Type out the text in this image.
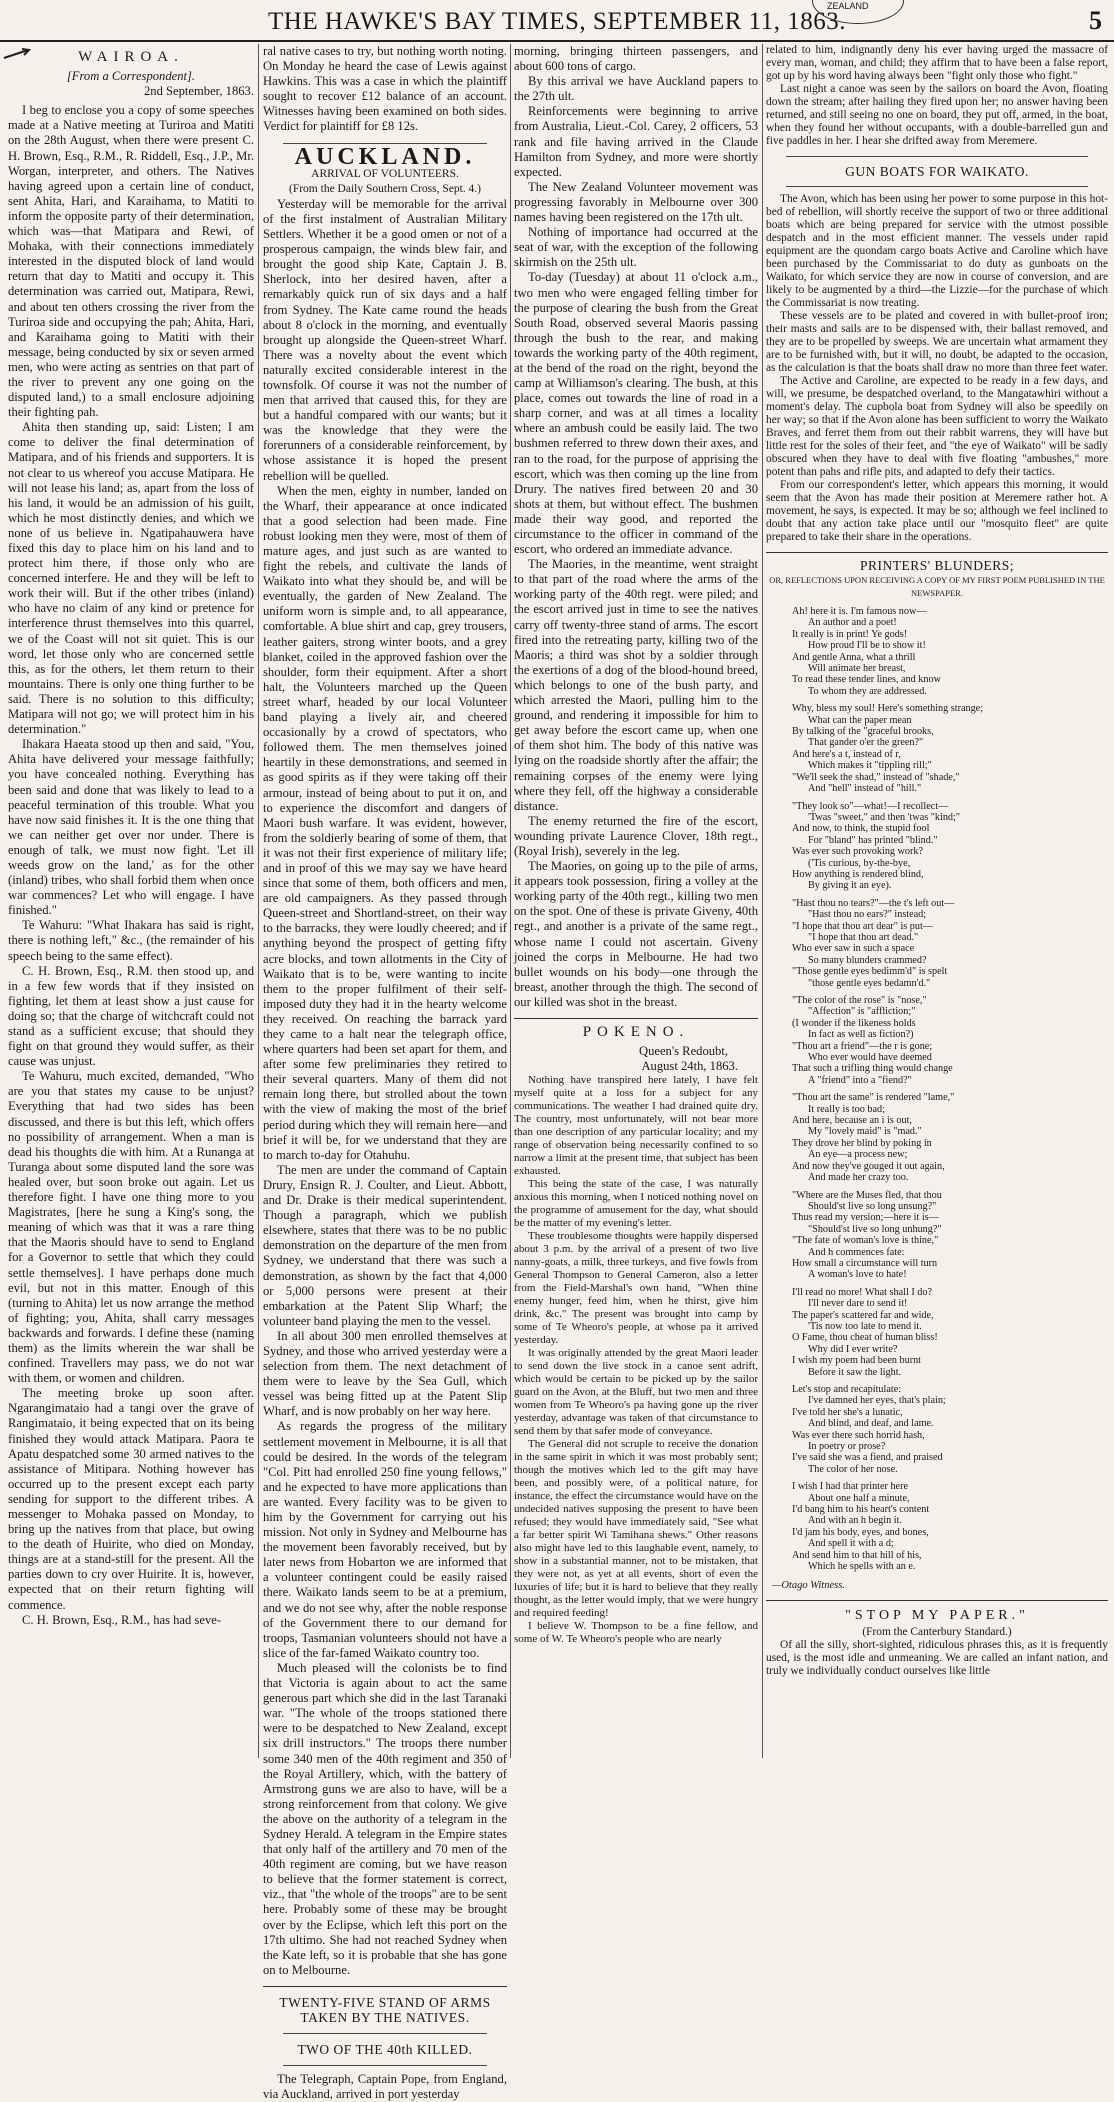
ZEALAND
THE HAWKE'S BAY TIMES, SEPTEMBER 11, 1863.	5
WAIROA.

[From a Correspondent].

2nd September, 1863.

I beg to enclose you a copy of some speeches made at a Native meeting at Turiroa and Matiti on the 28th August, when there were present C. H. Brown, Esq., R.M., R. Riddell, Esq., J.P., Mr. Worgan, interpreter, and others. The Natives having agreed upon a certain line of conduct, sent Ahita, Hari, and Karaihama, to Matiti to inform the opposite party of their determination, which was—that Matipara and Rewi, of Mohaka, with their connections immediately interested in the disputed block of land would return that day to Matiti and occupy it. This determination was carried out, Matipara, Rewi, and about ten others crossing the river from the Turiroa side and occupying the pah; Ahita, Hari, and Karaihama going to Matiti with their message, being conducted by six or seven armed men, who were acting as sentries on that part of the river to prevent any one going on the disputed land,) to a small enclosure adjoining their fighting pah.

Ahita then standing up, said: Listen; I am come to deliver the final determination of Matipara, and of his friends and supporters. It is not clear to us whereof you accuse Matipara. He will not lease his land; as, apart from the loss of his land, it would be an admission of his guilt, which he most distinctly denies, and which we none of us believe in. Ngatipahauwera have fixed this day to place him on his land and to protect him there, if those only who are concerned interfere. He and they will be left to work their will. But if the other tribes (inland) who have no claim of any kind or pretence for interference thrust themselves into this quarrel, we of the Coast will not sit quiet. This is our word, let those only who are concerned settle this, as for the others, let them return to their mountains. There is only one thing further to be said. There is no solution to this difficulty; Matipara will not go; we will protect him in his determination."

Ihakara Haeata stood up then and said, "You, Ahita have delivered your message faithfully; you have concealed nothing. Everything has been said and done that was likely to lead to a peaceful termination of this trouble. What you have now said finishes it. It is the one thing that we can neither get over nor under. There is enough of talk, we must now fight. 'Let ill weeds grow on the land,' as for the other (inland) tribes, who shall forbid them when once war commences? Let who will engage. I have finished."

Te Wahuru: "What Ihakara has said is right, there is nothing left," &c., (the remainder of his speech being to the same effect).

C. H. Brown, Esq., R.M. then stood up, and in a few few words that if they insisted on fighting, let them at least show a just cause for doing so; that the charge of witchcraft could not stand as a sufficient excuse; that should they fight on that ground they would suffer, as their cause was unjust.

Te Wahuru, much excited, demanded, "Who are you that states my cause to be unjust? Everything that had two sides has been discussed, and there is but this left, which offers no possibility of arrangement. When a man is dead his thoughts die with him. At a Runanga at Turanga about some disputed land the sore was healed over, but soon broke out again. Let us therefore fight. I have one thing more to you Magistrates, [here he sung a King's song, the meaning of which was that it was a rare thing that the Maoris should have to send to England for a Governor to settle that which they could settle themselves]. I have perhaps done much evil, but not in this matter. Enough of this (turning to Ahita) let us now arrange the method of fighting; you, Ahita, shall carry messages backwards and forwards. I define these (naming them) as the limits wherein the war shall be confined. Travellers may pass, we do not war with them, or women and children.

The meeting broke up soon after. Ngarangimataio had a tangi over the grave of Rangimataio, it being expected that on its being finished they would attack Matipara. Paora te Apatu despatched some 30 armed natives to the assistance of Mitipara. Nothing however has occurred up to the present except each party sending for support to the different tribes. A messenger to Mohaka passed on Monday, to bring up the natives from that place, but owing to the death of Huirite, who died on Monday, things are at a stand-still for the present. All the parties down to cry over Huirite. It is, however, expected that on their return fighting will commence.

C. H. Brown, Esq., R.M., has had seve-

ral native cases to try, but nothing worth noting. On Monday he heard the case of Lewis against Hawkins. This was a case in which the plaintiff sought to recover £12 balance of an account. Witnesses having been examined on both sides. Verdict for plaintiff for £8 12s.

AUCKLAND.

ARRIVAL OF VOLUNTEERS.

(From the Daily Southern Cross, Sept. 4.)

Yesterday will be memorable for the arrival of the first instalment of Australian Military Settlers. Whether it be a good omen or not of a prosperous campaign, the winds blew fair, and brought the good ship Kate, Captain J. B. Sherlock, into her desired haven, after a remarkably quick run of six days and a half from Sydney. The Kate came round the heads about 8 o'clock in the morning, and eventually brought up alongside the Queen-street Wharf. There was a novelty about the event which naturally excited considerable interest in the townsfolk. Of course it was not the number of men that arrived that caused this, for they are but a handful compared with our wants; but it was the knowledge that they were the forerunners of a considerable reinforcement, by whose assistance it is hoped the present rebellion will be quelled.

When the men, eighty in number, landed on the Wharf, their appearance at once indicated that a good selection had been made. Fine robust looking men they were, most of them of mature ages, and just such as are wanted to fight the rebels, and cultivate the lands of Waikato into what they should be, and will be eventually, the garden of New Zealand. The uniform worn is simple and, to all appearance, comfortable. A blue shirt and cap, grey trousers, leather gaiters, strong winter boots, and a grey blanket, coiled in the approved fashion over the shoulder, form their equipment. After a short halt, the Volunteers marched up the Queen street wharf, headed by our local Volunteer band playing a lively air, and cheered occasionally by a crowd of spectators, who followed them. The men themselves joined heartily in these demonstrations, and seemed in as good spirits as if they were taking off their armour, instead of being about to put it on, and to experience the discomfort and dangers of Maori bush warfare. It was evident, however, from the soldierly bearing of some of them, that it was not their first experience of military life; and in proof of this we may say we have heard since that some of them, both officers and men, are old campaigners. As they passed through Queen-street and Shortland-street, on their way to the barracks, they were loudly cheered; and if anything beyond the prospect of getting fifty acre blocks, and town allotments in the City of Waikato that is to be, were wanting to incite them to the proper fulfilment of their self-imposed duty they had it in the hearty welcome they received. On reaching the barrack yard they came to a halt near the telegraph office, where quarters had been set apart for them, and after some few preliminaries they retired to their several quarters. Many of them did not remain long there, but strolled about the town with the view of making the most of the brief period during which they will remain here—and brief it will be, for we understand that they are to march to-day for Otahuhu.

The men are under the command of Captain Drury, Ensign R. J. Coulter, and Lieut. Abbott, and Dr. Drake is their medical superintendent. Though a paragraph, which we publish elsewhere, states that there was to be no public demonstration on the departure of the men from Sydney, we understand that there was such a demonstration, as shown by the fact that 4,000 or 5,000 persons were present at their embarkation at the Patent Slip Wharf; the volunteer band playing the men to the vessel.

In all about 300 men enrolled themselves at Sydney, and those who arrived yesterday were a selection from them. The next detachment of them were to leave by the Sea Gull, which vessel was being fitted up at the Patent Slip Wharf, and is now probably on her way here.

As regards the progress of the military settlement movement in Melbourne, it is all that could be desired. In the words of the telegram "Col. Pitt had enrolled 250 fine young fellows," and he expected to have more applications than are wanted. Every facility was to be given to him by the Government for carrying out his mission. Not only in Sydney and Melbourne has the movement been favorably received, but by later news from Hobarton we are informed that a volunteer contingent could be easily raised there. Waikato lands seem to be at a premium, and we do not see why, after the noble response of the Government there to our demand for troops, Tasmanian volunteers should not have a slice of the far-famed Waikato country too.

Much pleased will the colonists be to find that Victoria is again about to act the same generous part which she did in the last Taranaki war. "The whole of the troops stationed there were to be despatched to New Zealand, except six drill instructors." The troops there number some 340 men of the 40th regiment and 350 of the Royal Artillery, which, with the battery of Armstrong guns we are also to have, will be a strong reinforcement from that colony. We give the above on the authority of a telegram in the Sydney Herald. A telegram in the Empire states that only half of the artillery and 70 men of the 40th regiment are coming, but we have reason to believe that the former statement is correct, viz., that "the whole of the troops" are to be sent here. Probably some of these may be brought over by the Eclipse, which left this port on the 17th ultimo. She had not reached Sydney when the Kate left, so it is probable that she has gone on to Melbourne.

TWENTY-FIVE STAND OF ARMS
TAKEN BY THE NATIVES.
TWO OF THE 40th KILLED.

The Telegraph, Captain Pope, from England, via Auckland, arrived in port yesterday

morning, bringing thirteen passengers, and about 600 tons of cargo.

By this arrival we have Auckland papers to the 27th ult.

Reinforcements were beginning to arrive from Australia, Lieut.-Col. Carey, 2 officers, 53 rank and file having arrived in the Claude Hamilton from Sydney, and more were shortly expected.

The New Zealand Volunteer movement was progressing favorably in Melbourne over 300 names having been registered on the 17th ult.

Nothing of importance had occurred at the seat of war, with the exception of the following skirmish on the 25th ult.

To-day (Tuesday) at about 11 o'clock a.m., two men who were engaged felling timber for the purpose of clearing the bush from the Great South Road, observed several Maoris passing through the bush to the rear, and making towards the working party of the 40th regiment, at the bend of the road on the right, beyond the camp at Williamson's clearing. The bush, at this place, comes out towards the line of road in a sharp corner, and was at all times a locality where an ambush could be easily laid. The two bushmen referred to threw down their axes, and ran to the road, for the purpose of apprising the escort, which was then coming up the line from Drury. The natives fired between 20 and 30 shots at them, but without effect. The bushmen made their way good, and reported the circumstance to the officer in command of the escort, who ordered an immediate advance.

The Maories, in the meantime, went straight to that part of the road where the arms of the working party of the 40th regt. were piled; and the escort arrived just in time to see the natives carry off twenty-three stand of arms. The escort fired into the retreating party, killing two of the Maoris; a third was shot by a soldier through the exertions of a dog of the blood-hound breed, which belongs to one of the bush party, and which arrested the Maori, pulling him to the ground, and rendering it impossible for him to get away before the escort came up, when one of them shot him. The body of this native was lying on the roadside shortly after the affair; the remaining corpses of the enemy were lying where they fell, off the highway a considerable distance.

The enemy returned the fire of the escort, wounding private Laurence Clover, 18th regt., (Royal Irish), severely in the leg.

The Maories, on going up to the pile of arms, it appears took possession, firing a volley at the working party of the 40th regt., killing two men on the spot. One of these is private Giveny, 40th regt., and another is a private of the same regt., whose name I could not ascertain. Giveny joined the corps in Melbourne. He had two bullet wounds on his body—one through the breast, another through the thigh. The second of our killed was shot in the breast.

POKENO.

Queen's Redoubt,

August 24th, 1863.

Nothing have transpired here lately, I have felt myself quite at a loss for a subject for any communications. The weather I had drained quite dry. The country, most unfortunately, will not bear more than one description of any particular locality; and my range of observation being necessarily confined to so narrow a limit at the present time, that subject has been exhausted.

This being the state of the case, I was naturally anxious this morning, when I noticed nothing novel on the programme of amusement for the day, what should be the matter of my evening's letter.

These troublesome thoughts were happily dispersed about 3 p.m. by the arrival of a present of two live nanny-goats, a milk, three turkeys, and five fowls from General Thompson to General Cameron, also a letter from the Field-Marshal's own hand, "When thine enemy hunger, feed him, when he thirst, give him drink, &c." The present was brought into camp by some of Te Wheoro's people, at whose pa it arrived yesterday.

It was originally attended by the great Maori leader to send down the live stock in a canoe sent adrift, which would be certain to be picked up by the sailor guard on the Avon, at the Bluff, but two men and three women from Te Wheoro's pa having gone up the river yesterday, advantage was taken of that circumstance to send them by that safer mode of conveyance.

The General did not scruple to receive the donation in the same spirit in which it was most probably sent; though the motives which led to the gift may have been, and possibly were, of a political nature, for instance, the effect the circumstance would have on the undecided natives supposing the present to have been refused; they would have immediately said, "See what a far better spirit Wi Tamihana shews." Other reasons also might have led to this laughable event, namely, to show in a substantial manner, not to be mistaken, that they were not, as yet at all events, short of even the luxuries of life; but it is hard to believe that they really thought, as the letter would imply, that we were hungry and required feeding!

I believe W. Thompson to be a fine fellow, and some of W. Te Wheoro's people who are nearly

related to him, indignantly deny his ever having urged the massacre of every man, woman, and child; they affirm that to have been a false report, got up by his word having always been "fight only those who fight."

Last night a canoe was seen by the sailors on board the Avon, floating down the stream; after hailing they fired upon her; no answer having been returned, and still seeing no one on board, they put off, armed, in the boat, when they found her without occupants, with a double-barrelled gun and five paddles in her. I hear she drifted away from Meremere.

GUN BOATS FOR WAIKATO.

The Avon, which has been using her power to some purpose in this hot-bed of rebellion, will shortly receive the support of two or three additional boats which are being prepared for service with the utmost possible despatch and in the most efficient manner. The vessels under rapid equipment are the quondam cargo boats Active and Caroline which have been purchased by the Commissariat to do duty as gunboats on the Waikato, for which service they are now in course of conversion, and are likely to be augmented by a third—the Lizzie—for the purchase of which the Commissariat is now treating.

These vessels are to be plated and covered in with bullet-proof iron; their masts and sails are to be dispensed with, their ballast removed, and they are to be propelled by sweeps. We are uncertain what armament they are to be furnished with, but it will, no doubt, be adapted to the occasion, as the calculation is that the boats shall draw no more than three feet water.

The Active and Caroline, are expected to be ready in a few days, and will, we presume, be despatched overland, to the Mangatawhiri without a moment's delay. The cupbola boat from Sydney will also be speedily on her way; so that if the Avon alone has been sufficient to worry the Waikato Braves, and ferret them from out their rabbit warrens, they will have but little rest for the soles of their feet, and "the eye of Waikato" will be sadly obscured when they have to deal with five floating "ambushes," more potent than pahs and rifle pits, and adapted to defy their tactics.

From our correspondent's letter, which appears this morning, it would seem that the Avon has made their position at Meremere rather hot. A movement, he says, is expected. It may be so; although we feel inclined to doubt that any action take place until our "mosquito fleet" are quite prepared to take their share in the operations.

PRINTERS' BLUNDERS;
OR, REFLECTIONS UPON RECEIVING A COPY OF MY FIRST POEM PUBLISHED IN THE NEWSPAPER.
Ah! here it is. I'm famous now—
An author and a poet!
It really is in print! Ye gods!
How proud I'll be to show it!
And gentle Anna, what a thrill
Will animate her breast,
To read these tender lines, and know
To whom they are addressed.
Why, bless my soul! Here's something strange;
What can the paper mean
By talking of the "graceful brooks,
That gander o'er the green?"
And here's a t, instead of r,
Which makes it "tippling rill;"
"We'll seek the shad," instead of "shade,"
And "hell" instead of "hill."
"They look so"—what!—I recollect—
'Twas "sweet," and then 'twas "kind;"
And now, to think, the stupid fool
For "bland" has printed "blind."
Was ever such provoking work?
('Tis curious, by-the-bye,
How anything is rendered blind,
By giving it an eye).
"Hast thou no tears?"—the t's left out—
"Hast thou no ears?" instead;
"I hope that thou art dear" is put—
"I hope that thou art dead."
Who ever saw in such a space
So many blunders crammed?
"Those gentle eyes bedimm'd" is spelt
"those gentle eyes bedamn'd."
"The color of the rose" is "nose,"
"Affection" is "affliction;"
(I wonder if the likeness holds
In fact as well as fiction?)
"Thou art a friend"—the r is gone;
Who ever would have deemed
That such a trifling thing would change
A "friend" into a "fiend?"
"Thou art the same" is rendered "lame,"
It really is too bad;
And here, because an i is out,
My "lovely maid" is "mad."
They drove her blind by poking in
An eye—a process new;
And now they've gouged it out again,
And made her crazy too.
"Where are the Muses fled, that thou
Should'st live so long unsung?"
Thus read my version;—here it is—
"Should'st live so long unhung?"
"The fate of woman's love is thine,"
And h commences fate:
How small a circumstance will turn
A woman's love to hate!
I'll read no more! What shall I do?
I'll never dare to send it!
The paper's scattered far and wide,
'Tis now too late to mend it.
O Fame, thou cheat of human bliss!
Why did I ever write?
I wish my poem had been burnt
Before it saw the light.
Let's stop and recapitulate:
I've damned her eyes, that's plain;
I've told her she's a lunatic,
And blind, and deaf, and lame.
Was ever there such horrid hash,
In poetry or prose?
I've said she was a fiend, and praised
The color of her nose.
I wish I had that printer here
About one half a minute,
I'd bang him to his heart's content
And with an h begin it.
I'd jam his body, eyes, and bones,
And spell it with a d;
And send him to that hill of his,
Which he spells with an e.
—Otago Witness.
"STOP MY PAPER."

(From the Canterbury Standard.)

Of all the silly, short-sighted, ridiculous phrases this, as it is frequently used, is the most idle and unmeaning. We are called an infant nation, and truly we individually conduct ourselves like little
